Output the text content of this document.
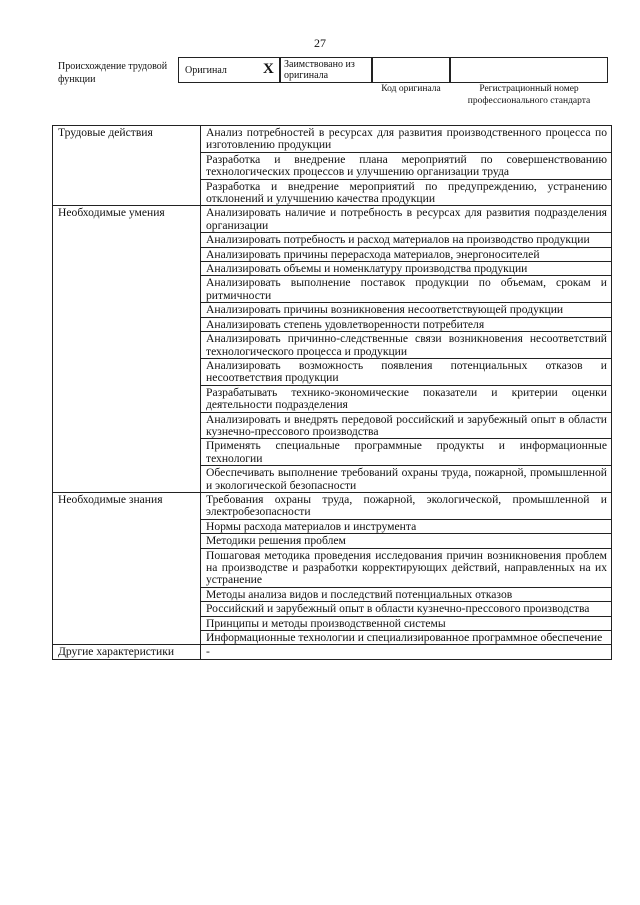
27
Происхождение трудовой функции
Оригинал X	Заимствовано из оригинала
Код оригинала	Регистрационный номер профессионального стандарта
Трудовые действия	Анализ потребностей в ресурсах для развития производственного процесса по изготовлению продукции
	Разработка и внедрение плана мероприятий по совершенствованию технологических процессов и улучшению организации труда
	Разработка и внедрение мероприятий по предупреждению, устранению отклонений и улучшению качества продукции
Необходимые умения	Анализировать наличие и потребность в ресурсах для развития подразделения организации
	Анализировать потребность и расход материалов на производство продукции
	Анализировать причины перерасхода материалов, энергоносителей
	Анализировать объемы и номенклатуру производства продукции
	Анализировать выполнение поставок продукции по объемам, срокам и ритмичности
	Анализировать причины возникновения несоответствующей продукции
	Анализировать степень удовлетворенности потребителя
	Анализировать причинно-следственные связи возникновения несоответствий технологического процесса и продукции
	Анализировать возможность появления потенциальных отказов и несоответствия продукции
	Разрабатывать технико-экономические показатели и критерии оценки деятельности подразделения
	Анализировать и внедрять передовой российский и зарубежный опыт в области кузнечно-прессового производства
	Применять специальные программные продукты и информационные технологии
	Обеспечивать выполнение требований охраны труда, пожарной, промышленной и экологической безопасности
Необходимые знания	Требования охраны труда, пожарной, экологической, промышленной и электробезопасности
	Нормы расхода материалов и инструмента
	Методики решения проблем
	Пошаговая методика проведения исследования причин возникновения проблем на производстве и разработки корректирующих действий, направленных на их устранение
	Методы анализа видов и последствий потенциальных отказов
	Российский и зарубежный опыт в области кузнечно-прессового производства
	Принципы и методы производственной системы
	Информационные технологии и специализированное программное обеспечение
Другие характеристики	-
